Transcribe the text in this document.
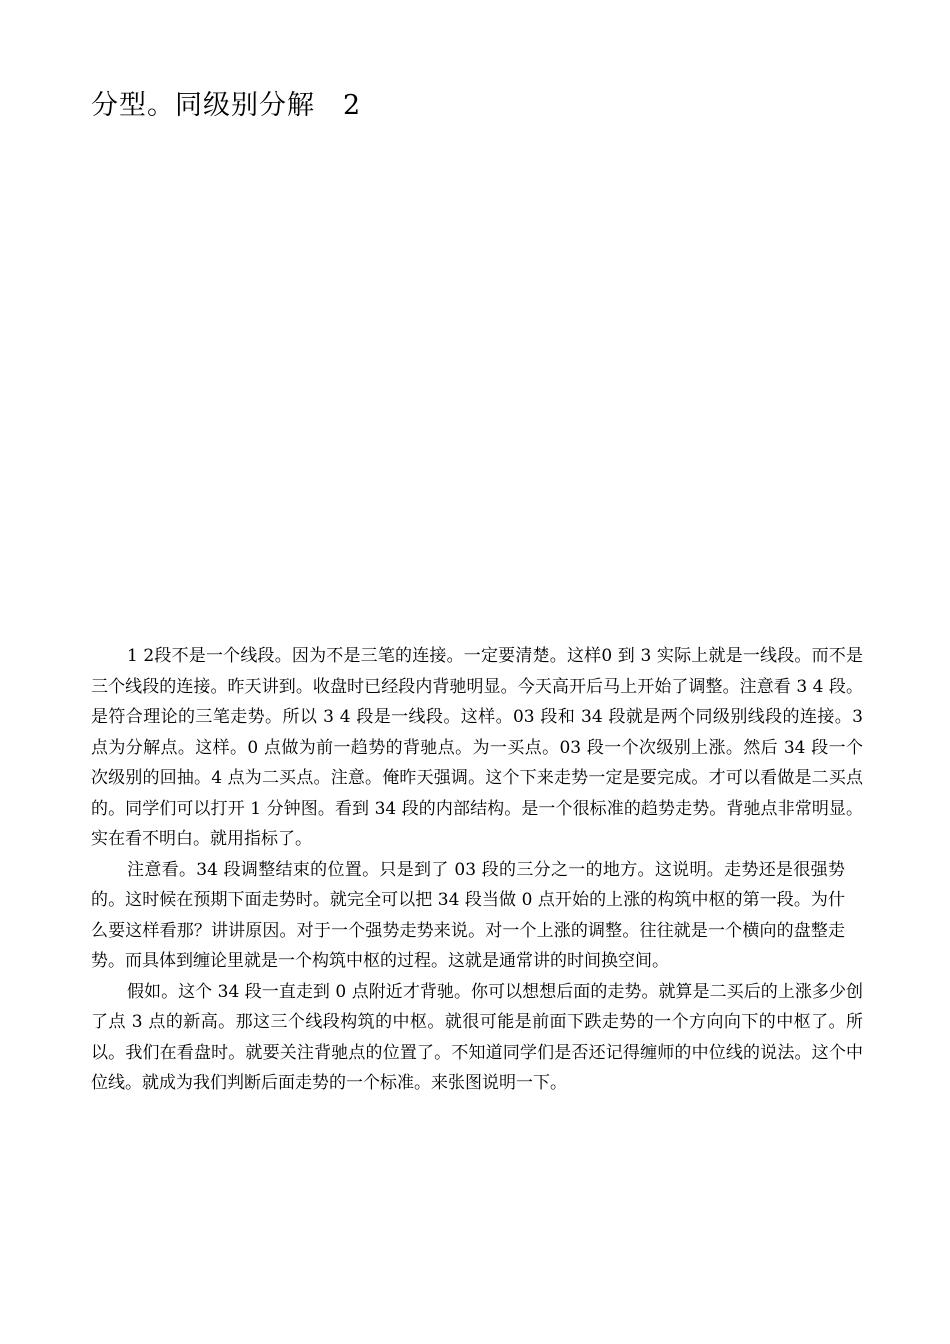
分型。同级别分解　2

1 2段不是一个线段。因为不是三笔的连接。一定要清楚。这样0 到 3 实际上就是一线段。而不是三个线段的连接。昨天讲到。收盘时已经段内背驰明显。今天高开后马上开始了调整。注意看 3 4 段。是符合理论的三笔走势。所以 3 4 段是一线段。这样。03 段和 34 段就是两个同级别线段的连接。3 点为分解点。这样。0 点做为前一趋势的背驰点。为一买点。03 段一个次级别上涨。然后 34 段一个次级别的回抽。4 点为二买点。注意。俺昨天强调。这个下来走势一定是要完成。才可以看做是二买点的。同学们可以打开 1 分钟图。看到 34 段的内部结构。是一个很标准的趋势走势。背驰点非常明显。实在看不明白。就用指标了。

注意看。34 段调整结束的位置。只是到了 03 段的三分之一的地方。这说明。走势还是很强势的。这时候在预期下面走势时。就完全可以把 34 段当做 0 点开始的上涨的构筑中枢的第一段。为什么要这样看那？讲讲原因。对于一个强势走势来说。对一个上涨的调整。往往就是一个横向的盘整走势。而具体到缠论里就是一个构筑中枢的过程。这就是通常讲的时间换空间。

假如。这个 34 段一直走到 0 点附近才背驰。你可以想想后面的走势。就算是二买后的上涨多少创了点 3 点的新高。那这三个线段构筑的中枢。就很可能是前面下跌走势的一个方向向下的中枢了。所以。我们在看盘时。就要关注背驰点的位置了。不知道同学们是否还记得缠师的中位线的说法。这个中位线。就成为我们判断后面走势的一个标准。来张图说明一下。
